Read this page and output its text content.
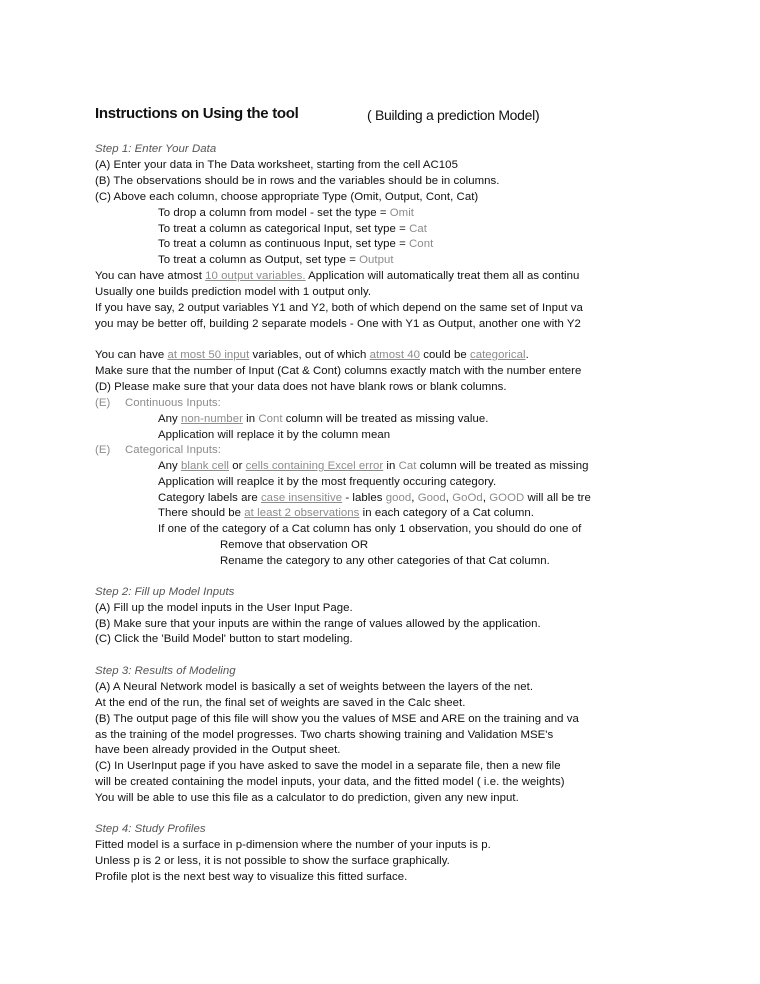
Instructions on Using the tool	( Building a prediction Model)
Step 1: Enter Your Data
(A) Enter your data in The Data worksheet, starting from the cell AC105
(B) The observations should be in rows and the variables should be in columns.
(C) Above each column, choose appropriate Type (Omit, Output, Cont, Cat)
To drop a column from model - set the type = Omit
To treat a column as categorical Input, set type = Cat
To treat a column as continuous Input, set type = Cont
To treat a column as Output, set type = Output
You can have atmost 10 output variables. Application will automatically treat them all as continu
Usually one builds prediction model with 1 output only.
If you have say, 2 output variables Y1 and Y2, both of which depend on the same set of Input va
you may be better off, building 2 separate models - One with Y1 as Output, another one with Y2
You can have at most 50 input variables, out of which atmost 40 could be categorical.
Make sure that the number of Input (Cat & Cont) columns exactly match with the number entere
(D) Please make sure that your data does not have blank rows or blank columns.
(E) Continuous Inputs:
Any non-number in Cont column will be treated as missing value.
Application will replace it by the column mean
(E) Categorical Inputs:
Any blank cell or cells containing Excel error in Cat column will be treated as missing
Application will reaplce it by the most frequently occuring category.
Category labels are case insensitive - lables good, Good, GoOd, GOOD will all be tre
There should be at least 2 observations in each category of a Cat column.
If one of the category of a Cat column has only 1 observation, you should do one of
Remove that observation OR
Rename the category to any other categories of that Cat column.
Step 2: Fill up Model Inputs
(A) Fill up the model inputs in the User Input Page.
(B) Make sure that your inputs are within the range of values allowed by the application.
(C) Click the 'Build Model' button to start modeling.
Step 3: Results of Modeling
(A) A Neural Network model is basically a set of weights between the layers of the net.
At the end of the run, the final set of weights are saved in the Calc sheet.
(B) The output page of this file will show you the values of MSE and ARE on the training and va
as the training of the model progresses. Two charts showing training and Validation MSE's
have been already provided in the Output sheet.
(C) In UserInput page if you have asked to save the model in a separate file, then a new file
will be created containing the model inputs, your data, and the fitted model ( i.e. the weights)
You will be able to use this file as a calculator to do prediction, given any new input.
Step 4: Study Profiles
Fitted model is a surface in p-dimension where the number of your inputs is p.
Unless p is 2 or less, it is not possible to show the surface graphically.
Profile plot is the next best way to visualize this fitted surface.
